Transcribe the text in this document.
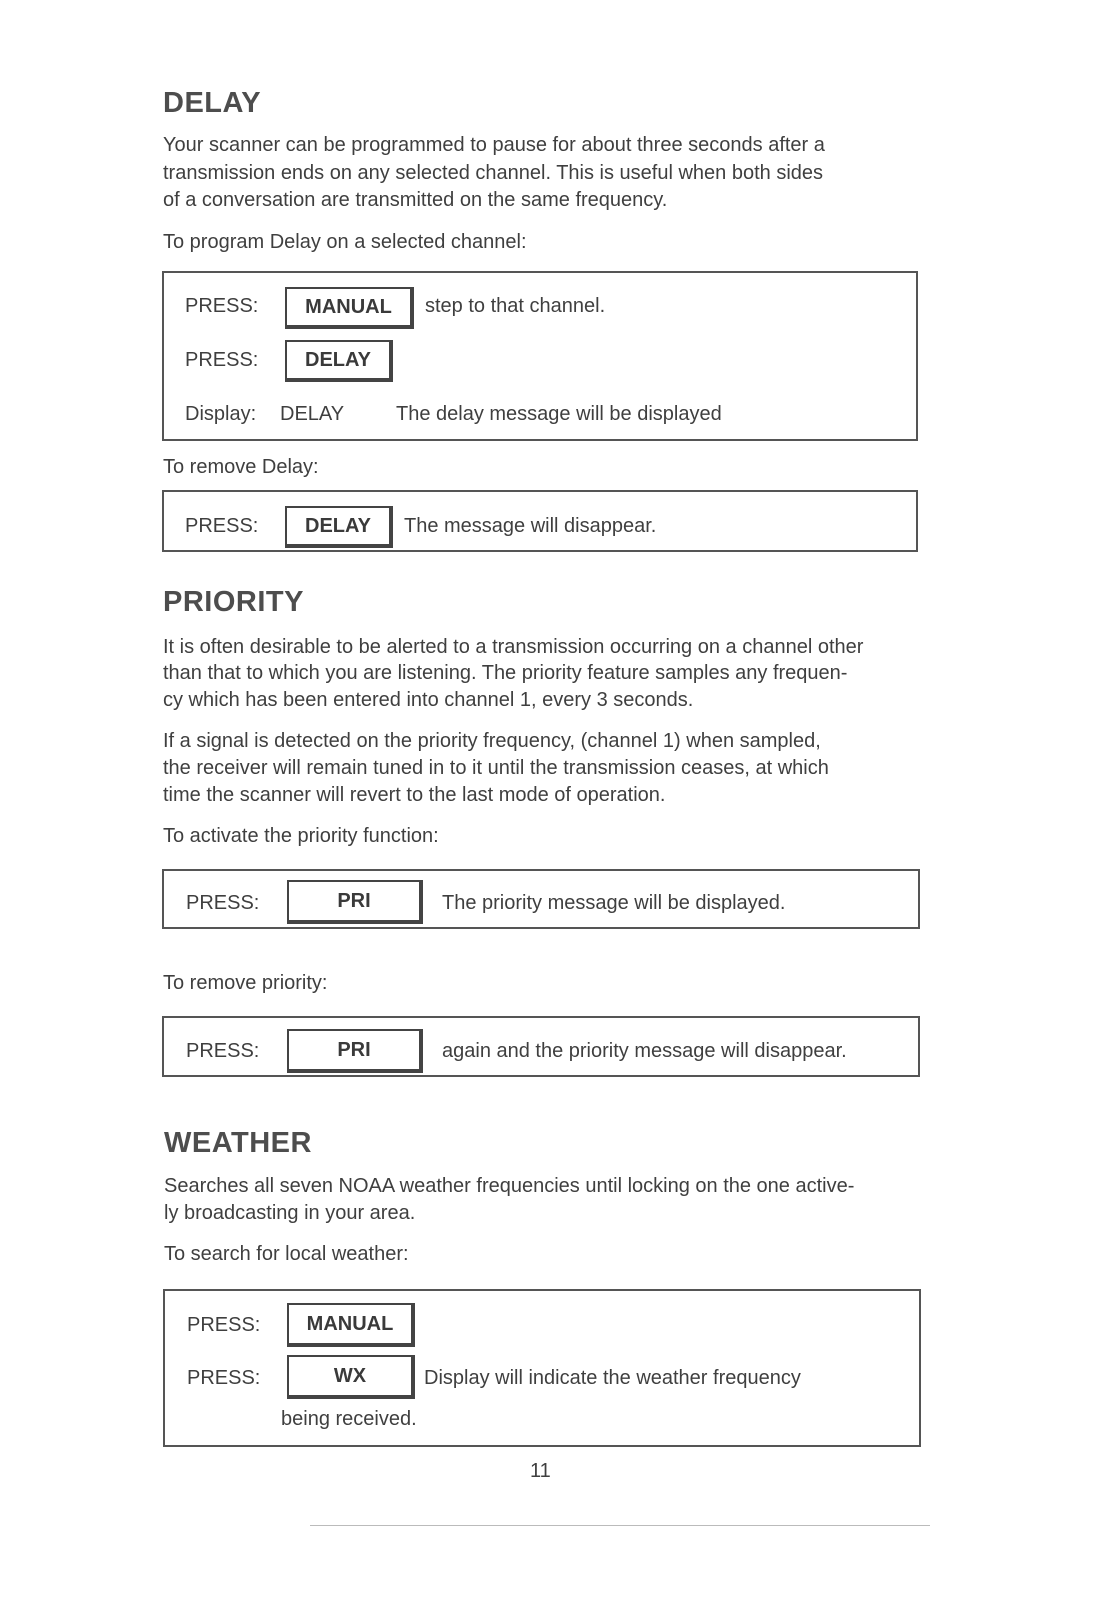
DELAY
Your scanner can be programmed to pause for about three seconds after a
transmission ends on any selected channel. This is useful when both sides
of a conversation are transmitted on the same frequency.
To program Delay on a selected channel:
PRESS:	MANUAL	step to that channel.
PRESS:	DELAY
Display: DELAY	The delay message will be displayed
To remove Delay:
PRESS:	DELAY	The message will disappear.
PRIORITY
It is often desirable to be alerted to a transmission occurring on a channel other
than that to which you are listening. The priority feature samples any frequen-
cy which has been entered into channel 1, every 3 seconds.
If a signal is detected on the priority frequency, (channel 1) when sampled,
the receiver will remain tuned in to it until the transmission ceases, at which
time the scanner will revert to the last mode of operation.
To activate the priority function:
PRESS:	PRI	The priority message will be displayed.
To remove priority:
PRESS:	PRI	again and the priority message will disappear.
WEATHER
Searches all seven NOAA weather frequencies until locking on the one active-
ly broadcasting in your area.
To search for local weather:
PRESS:	MANUAL
PRESS:	WX	Display will indicate the weather frequency
being received.
11
